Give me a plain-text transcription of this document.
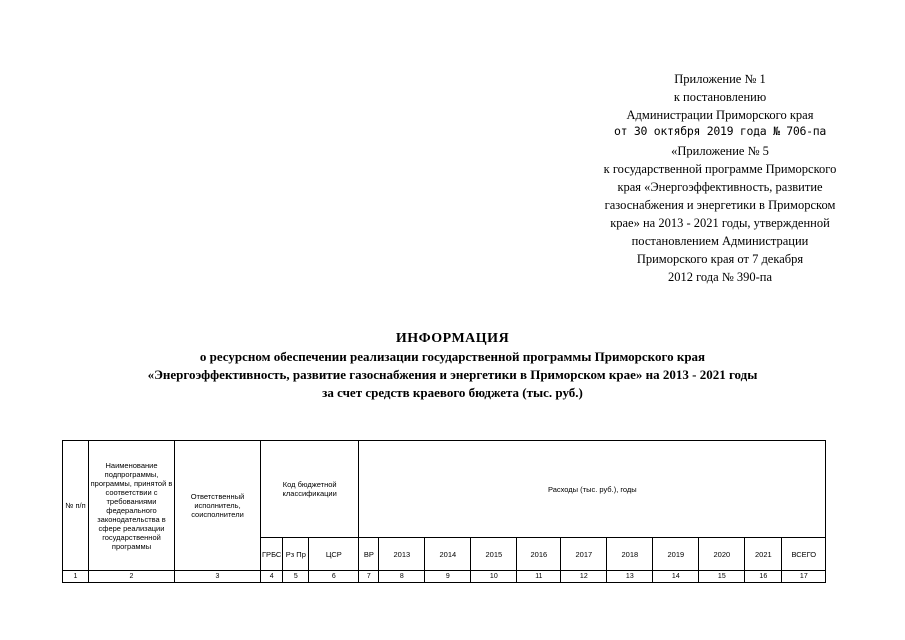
Приложение № 1
к постановлению
Администрации Приморского края
от 30 октября 2019 года № 706-па
«Приложение № 5
к государственной программе Приморского
края «Энергоэффективность, развитие
газоснабжения и энергетики в Приморском
крае» на 2013 - 2021 годы, утвержденной
постановлением Администрации
Приморского края от 7 декабря
2012 года № 390-па
ИНФОРМАЦИЯ
о ресурсном обеспечении реализации государственной программы Приморского края
«Энергоэффективность, развитие газоснабжения и энергетики в Приморском крае» на 2013 - 2021 годы
за счет средств краевого бюджета (тыс. руб.)
№ п/п	Наименование подпрограммы, программы, принятой в соответствии с требованиями федерального законодательства в сфере реализации государственной программы	Ответственный исполнитель, соисполнители	Код бюджетной классификации			Расходы (тыс. руб.), годы										
			ГРБС	Рз Пр	ЦСР	ВР	2013	2014	2015	2016	2017	2018	2019	2020	2021	ВСЕГО
1	2	3	4	5	6	7	8	9	10	11	12	13	14	15	16	17
